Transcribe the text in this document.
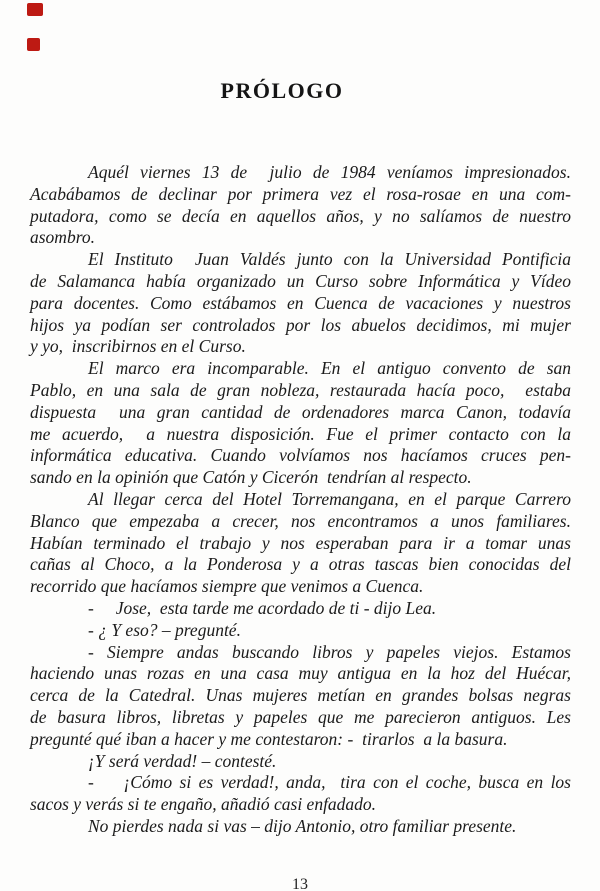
PRÓLOGO
Aquél viernes 13 de  julio de 1984 veníamos impresionados.
Acabábamos de declinar por primera vez el rosa-rosae en una com-
putadora, como se decía en aquellos años, y no salíamos de nuestro
asombro.
El Instituto  Juan Valdés junto con la Universidad Pontificia
de Salamanca había organizado un Curso sobre Informática y Vídeo
para docentes. Como estábamos en Cuenca de vacaciones y nuestros
hijos ya podían ser controlados por los abuelos decidimos, mi mujer
y yo,  inscribirnos en el Curso.
El marco era incomparable. En el antiguo convento de san
Pablo, en una sala de gran nobleza, restaurada hacía poco,  estaba
dispuesta  una gran cantidad de ordenadores marca Canon, todavía
me acuerdo,  a nuestra disposición. Fue el primer contacto con la
informática educativa. Cuando volvíamos nos hacíamos cruces pen-
sando en la opinión que Catón y Cicerón  tendrían al respecto.
Al llegar cerca del Hotel Torremangana, en el parque Carrero
Blanco que empezaba a crecer, nos encontramos a unos familiares.
Habían terminado el trabajo y nos esperaban para ir a tomar unas
cañas al Choco, a la Ponderosa y a otras tascas bien conocidas del
recorrido que hacíamos siempre que venimos a Cuenca.
-     Jose,  esta tarde me acordado de ti - dijo Lea.
- ¿ Y eso? – pregunté.
- Siempre andas buscando libros y papeles viejos. Estamos
haciendo unas rozas en una casa muy antigua en la hoz del Huécar,
cerca de la Catedral. Unas mujeres metían en grandes bolsas negras
de basura libros, libretas y papeles que me parecieron antiguos. Les
pregunté qué iban a hacer y me contestaron: -  tirarlos  a la basura.
¡Y será verdad! – contesté.
-    ¡Cómo si es verdad!, anda,  tira con el coche, busca en los
sacos y verás si te engaño, añadió casi enfadado.
No pierdes nada si vas – dijo Antonio, otro familiar presente.
13
